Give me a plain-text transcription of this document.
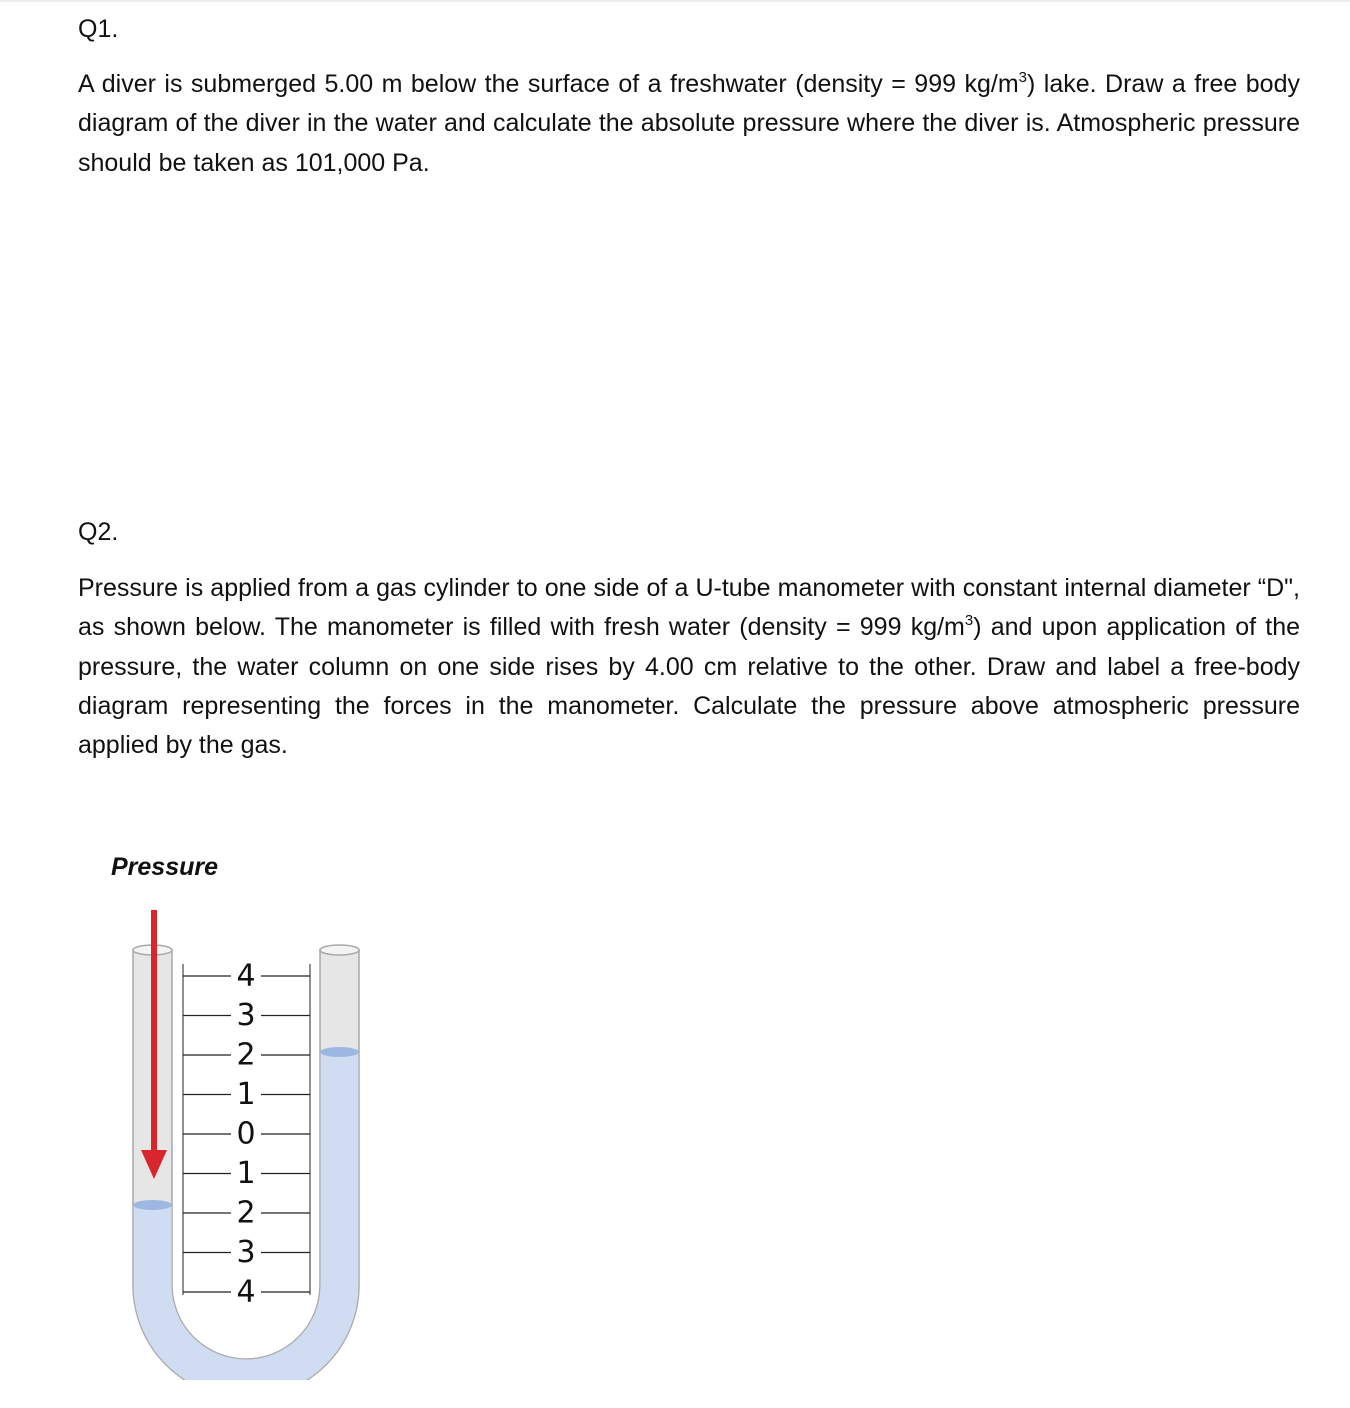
Q1.

A diver is submerged 5.00 m below the surface of a freshwater (density = 999 $kg/m^3$) lake. Draw a free body diagram of the diver in the water and calculate the absolute pressure where the diver is. Atmospheric pressure should be taken as 101,000 Pa.

Q2.

Pressure is applied from a gas cylinder to one side of a U-tube manometer with constant internal diameter “D", as shown below. The manometer is filled with fresh water (density = 999 $kg/m^3$) and upon application of the pressure, the water column on one side rises by 4.00 cm relative to the other. Draw and label a free-body diagram representing the forces in the manometer. Calculate the pressure above atmospheric pressure applied by the gas.

Pressure
4
3
2
1
0
1
2
3
4
